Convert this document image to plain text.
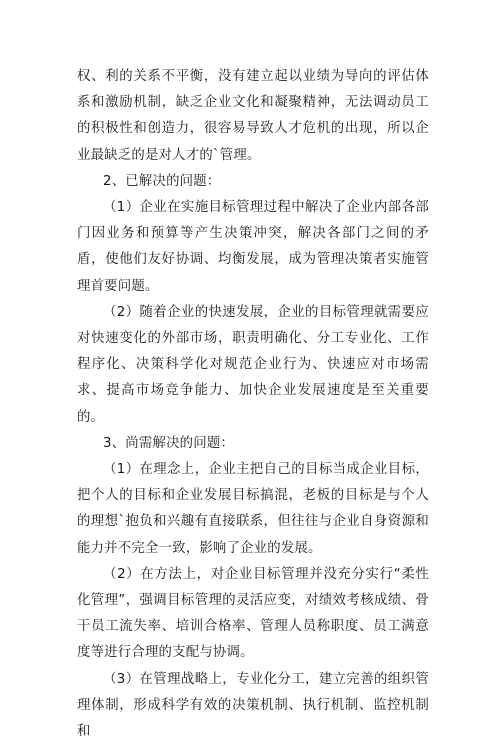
权、利的关系不平衡，没有建立起以业绩为导向的评估体系和激励机制，缺乏企业文化和凝聚精神，无法调动员工的积极性和创造力，很容易导致人才危机的出现，所以企业最缺乏的是对人才的`管理。

2、已解决的问题：

（1）企业在实施目标管理过程中解决了企业内部各部门因业务和预算等产生决策冲突，解决各部门之间的矛盾，使他们友好协调、均衡发展，成为管理决策者实施管理首要问题。

（2）随着企业的快速发展，企业的目标管理就需要应对快速变化的外部市场，职责明确化、分工专业化、工作程序化、决策科学化对规范企业行为、快速应对市场需求、提高市场竞争能力、加快企业发展速度是至关重要的。

3、尚需解决的问题：

（1）在理念上，企业主把自己的目标当成企业目标，把个人的目标和企业发展目标搞混，老板的目标是与个人的理想`抱负和兴趣有直接联系，但往往与企业自身资源和能力并不完全一致，影响了企业的发展。

（2）在方法上，对企业目标管理并没充分实行“柔性化管理”，强调目标管理的灵活应变，对绩效考核成绩、骨干员工流失率、培训合格率、管理人员称职度、员工满意度等进行合理的支配与协调。

（3）在管理战略上，专业化分工，建立完善的组织管理体制，形成科学有效的决策机制、执行机制、监控机制和
